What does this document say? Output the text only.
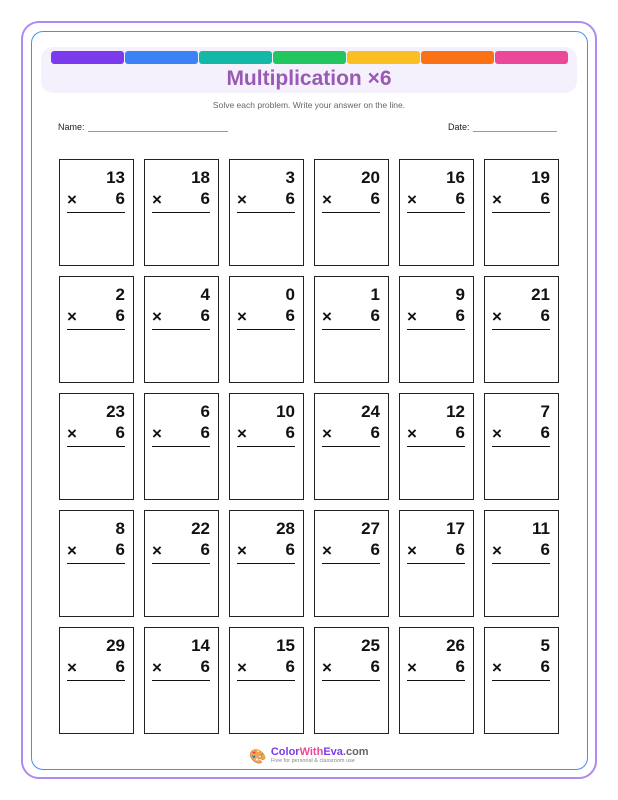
Multiplication ×6
Solve each problem. Write your answer on the line.
Name:	Date:
13
× 6
18
× 6
3
× 6
20
× 6
16
× 6
19
× 6
2
× 6
4
× 6
0
× 6
1
× 6
9
× 6
21
× 6
23
× 6
6
× 6
10
× 6
24
× 6
12
× 6
7
× 6
8
× 6
22
× 6
28
× 6
27
× 6
17
× 6
11
× 6
29
× 6
14
× 6
15
× 6
25
× 6
26
× 6
5
× 6
🎨 ColorWithEva.com
Free for personal & classroom use
